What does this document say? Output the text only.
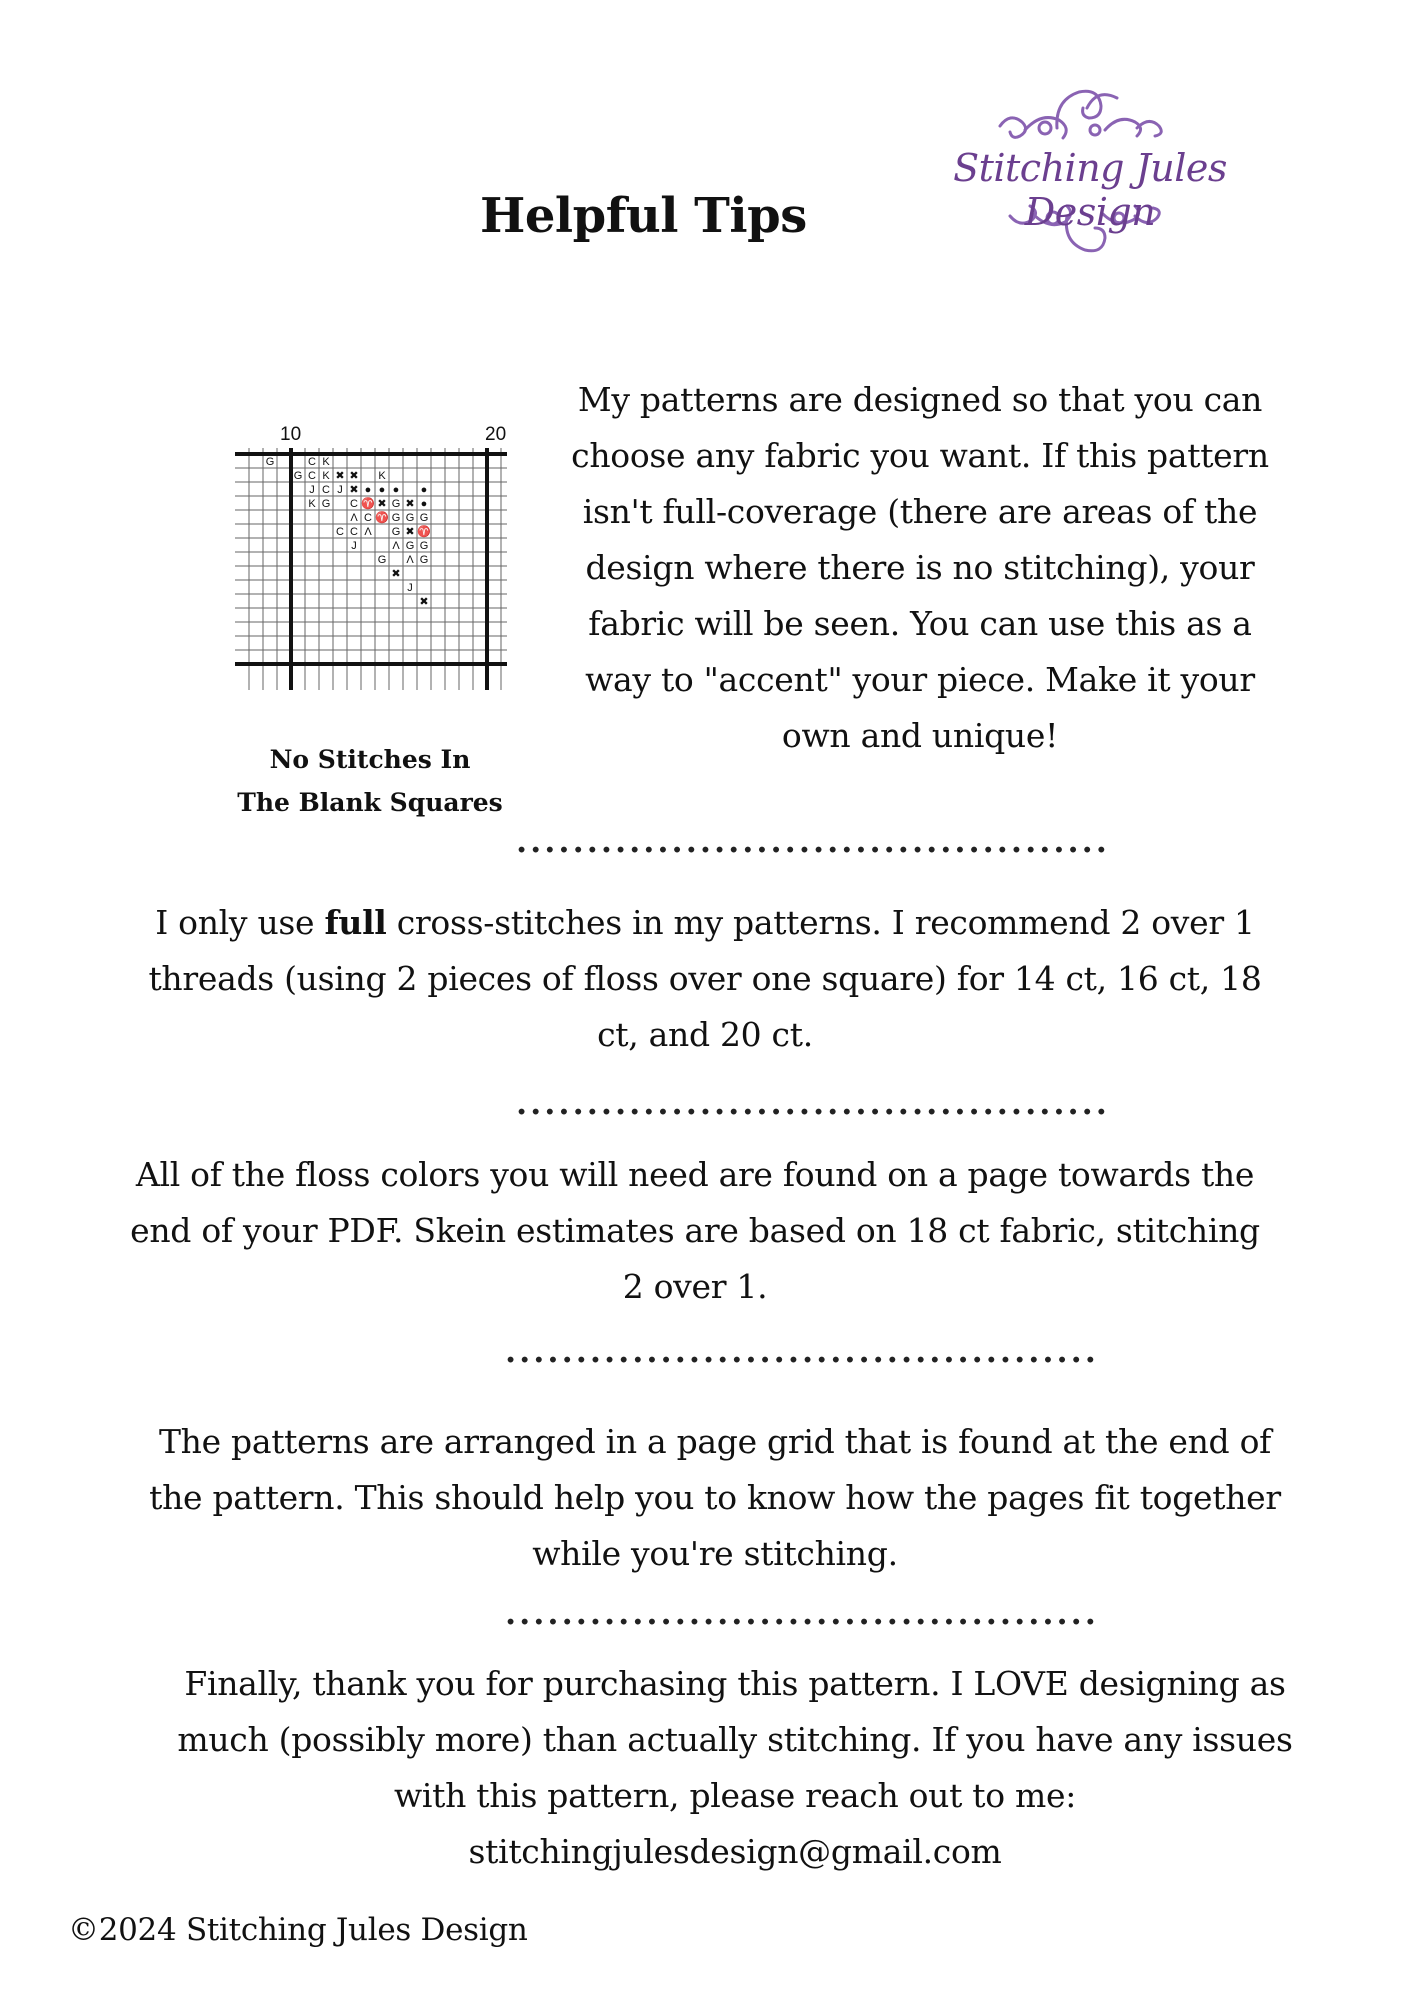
Helpful Tips
Stitching Jules Design
10	20
G	C K
G C K ✖ ✖ K
J C J ✖ ● ● ● ●
K G C ♈ ✖ G ✖ ●
Λ C ♈ G G G
C C Λ G ✖ ♈
J	Λ G G
G Λ G
✖
J
✖
No Stitches In
The Blank Squares
My patterns are designed so that you can choose any fabric you want. If this pattern isn't full-coverage (there are areas of the design where there is no stitching), your fabric will be seen. You can use this as a way to "accent" your piece. Make it your own and unique!
..........................................
I only use full cross-stitches in my patterns. I recommend 2 over 1 threads (using 2 pieces of floss over one square) for 14 ct, 16 ct, 18 ct, and 20 ct.
..........................................
All of the floss colors you will need are found on a page towards the end of your PDF. Skein estimates are based on 18 ct fabric, stitching 2 over 1.
..........................................
The patterns are arranged in a page grid that is found at the end of the pattern. This should help you to know how the pages fit together while you're stitching.
..........................................
Finally, thank you for purchasing this pattern. I LOVE designing as much (possibly more) than actually stitching. If you have any issues with this pattern, please reach out to me:
stitchingjulesdesign@gmail.com
©2024 Stitching Jules Design
